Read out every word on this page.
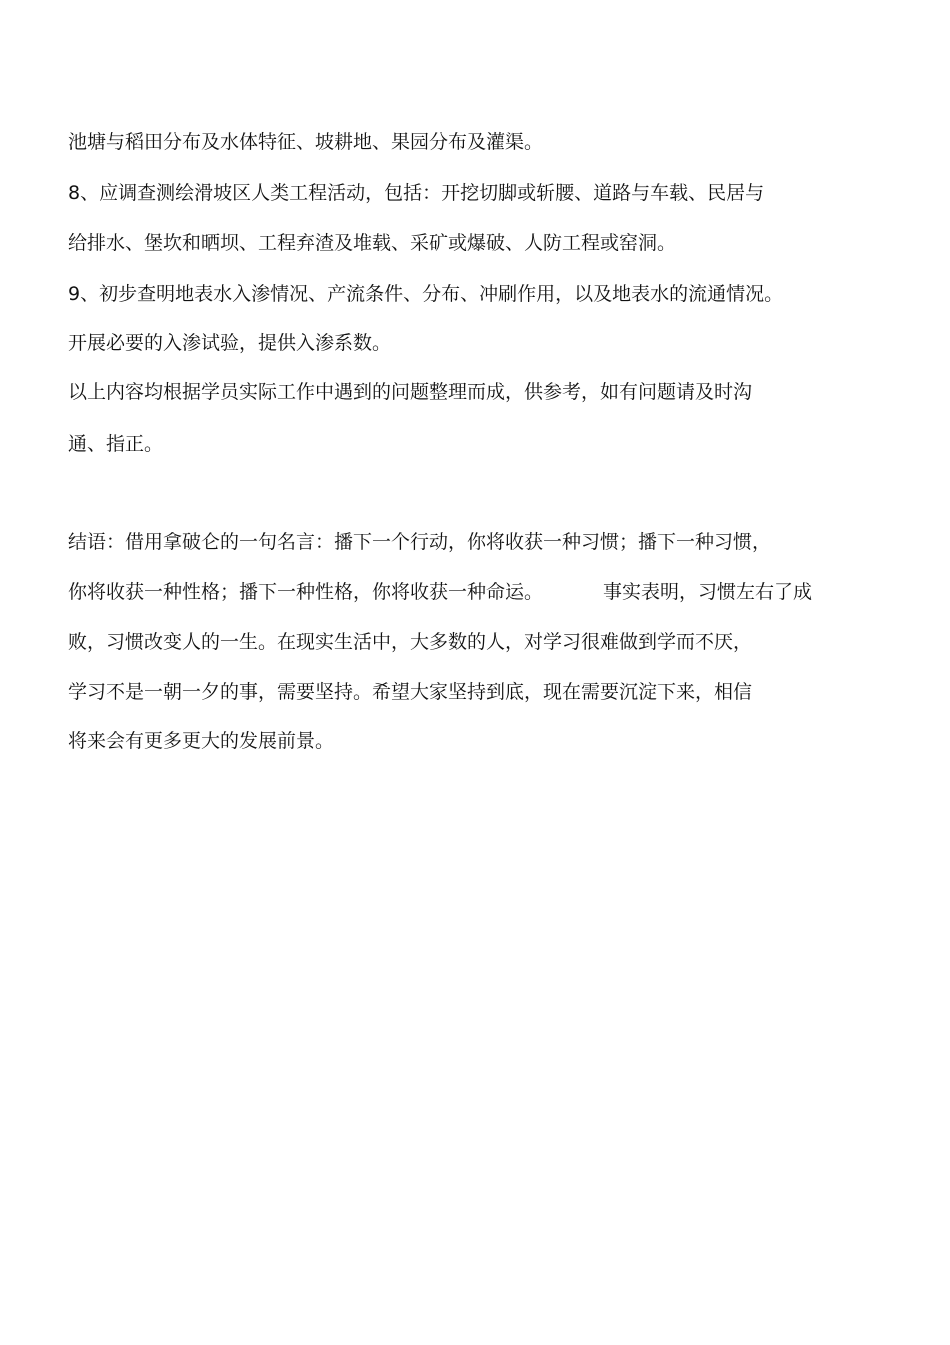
池塘与稻田分布及水体特征、坡耕地、果园分布及灌渠。
8、应调查测绘滑坡区人类工程活动，包括：开挖切脚或斩腰、道路与车载、民居与
给排水、堡坎和晒坝、工程弃渣及堆载、采矿或爆破、人防工程或窑洞。
9、初步查明地表水入渗情况、产流条件、分布、冲刷作用，以及地表水的流通情况。
开展必要的入渗试验，提供入渗系数。
以上内容均根据学员实际工作中遇到的问题整理而成，供参考，如有问题请及时沟
通、指正。
结语：借用拿破仑的一句名言：播下一个行动，你将收获一种习惯；播下一种习惯，
你将收获一种性格；播下一种性格，你将收获一种命运。	事实表明，习惯左右了成
败，习惯改变人的一生。在现实生活中，大多数的人，对学习很难做到学而不厌，
学习不是一朝一夕的事，需要坚持。希望大家坚持到底，现在需要沉淀下来，相信
将来会有更多更大的发展前景。
